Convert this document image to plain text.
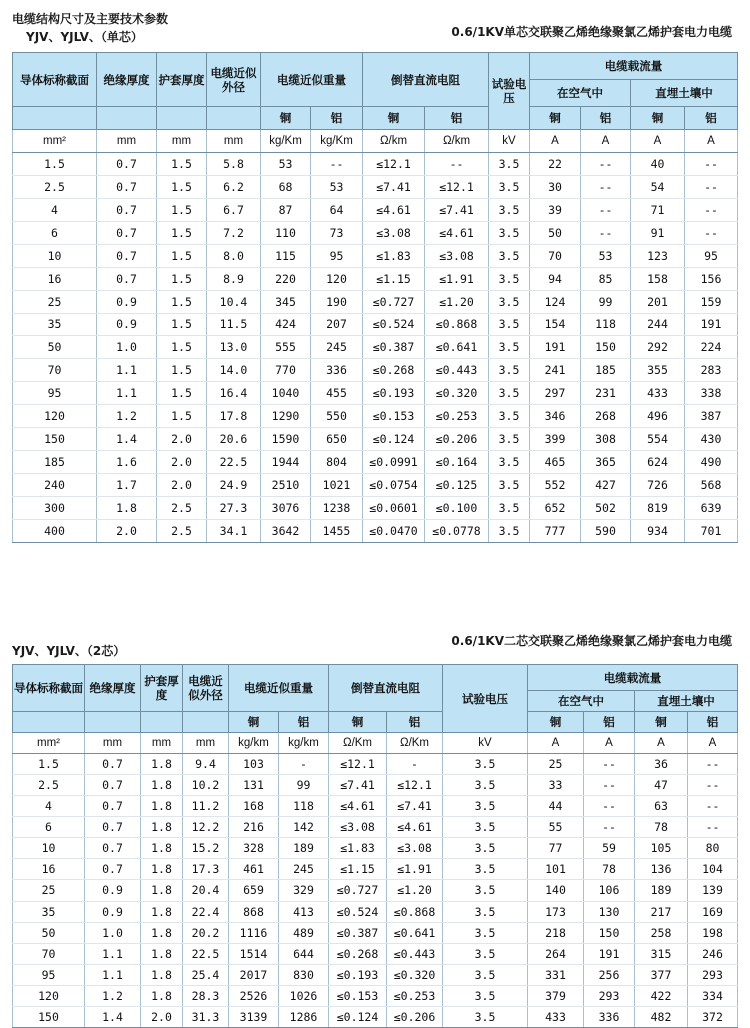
电缆结构尺寸及主要技术参数
YJV、YJLV、（单芯）	0.6/1KV单芯交联聚乙烯绝缘聚氯乙烯护套电力电缆
导体标称截面	绝缘厚度	护套厚度	电缆近似外径	电缆近似重量		倒替直流电阻		试验电压	电缆载流量			
									在空气中		直埋土壤中	
				铜	铝	铜	铝		铜	铝	铜	铝
mm²	mm	mm	mm	kg/Km	kg/Km	Ω/km	Ω/km	kV	A	A	A	A
1.5	0.7	1.5	5.8	53	--	≤12.1	--	3.5	22	--	40	--
2.5	0.7	1.5	6.2	68	53	≤7.41	≤12.1	3.5	30	--	54	--
4	0.7	1.5	6.7	87	64	≤4.61	≤7.41	3.5	39	--	71	--
6	0.7	1.5	7.2	110	73	≤3.08	≤4.61	3.5	50	--	91	--
10	0.7	1.5	8.0	115	95	≤1.83	≤3.08	3.5	70	53	123	95
16	0.7	1.5	8.9	220	120	≤1.15	≤1.91	3.5	94	85	158	156
25	0.9	1.5	10.4	345	190	≤0.727	≤1.20	3.5	124	99	201	159
35	0.9	1.5	11.5	424	207	≤0.524	≤0.868	3.5	154	118	244	191
50	1.0	1.5	13.0	555	245	≤0.387	≤0.641	3.5	191	150	292	224
70	1.1	1.5	14.0	770	336	≤0.268	≤0.443	3.5	241	185	355	283
95	1.1	1.5	16.4	1040	455	≤0.193	≤0.320	3.5	297	231	433	338
120	1.2	1.5	17.8	1290	550	≤0.153	≤0.253	3.5	346	268	496	387
150	1.4	2.0	20.6	1590	650	≤0.124	≤0.206	3.5	399	308	554	430
185	1.6	2.0	22.5	1944	804	≤0.0991	≤0.164	3.5	465	365	624	490
240	1.7	2.0	24.9	2510	1021	≤0.0754	≤0.125	3.5	552	427	726	568
300	1.8	2.5	27.3	3076	1238	≤0.0601	≤0.100	3.5	652	502	819	639
400	2.0	2.5	34.1	3642	1455	≤0.0470	≤0.0778	3.5	777	590	934	701
YJV、YJLV、（2芯）
0.6/1KV二芯交联聚乙烯绝缘聚氯乙烯护套电力电缆
导体标称截面	绝缘厚度	护套厚度	电缆近似外径	电缆近似重量		倒替直流电阻		试验电压	电缆载流量			
									在空气中		直埋土壤中	
				铜	铝	铜	铝		铜	铝	铜	铝
mm²	mm	mm	mm	kg/km	kg/km	Ω/Km	Ω/Km	kV	A	A	A	A
1.5	0.7	1.8	9.4	103	-	≤12.1	-	3.5	25	--	36	--
2.5	0.7	1.8	10.2	131	99	≤7.41	≤12.1	3.5	33	--	47	--
4	0.7	1.8	11.2	168	118	≤4.61	≤7.41	3.5	44	--	63	--
6	0.7	1.8	12.2	216	142	≤3.08	≤4.61	3.5	55	--	78	--
10	0.7	1.8	15.2	328	189	≤1.83	≤3.08	3.5	77	59	105	80
16	0.7	1.8	17.3	461	245	≤1.15	≤1.91	3.5	101	78	136	104
25	0.9	1.8	20.4	659	329	≤0.727	≤1.20	3.5	140	106	189	139
35	0.9	1.8	22.4	868	413	≤0.524	≤0.868	3.5	173	130	217	169
50	1.0	1.8	20.2	1116	489	≤0.387	≤0.641	3.5	218	150	258	198
70	1.1	1.8	22.5	1514	644	≤0.268	≤0.443	3.5	264	191	315	246
95	1.1	1.8	25.4	2017	830	≤0.193	≤0.320	3.5	331	256	377	293
120	1.2	1.8	28.3	2526	1026	≤0.153	≤0.253	3.5	379	293	422	334
150	1.4	2.0	31.3	3139	1286	≤0.124	≤0.206	3.5	433	336	482	372
